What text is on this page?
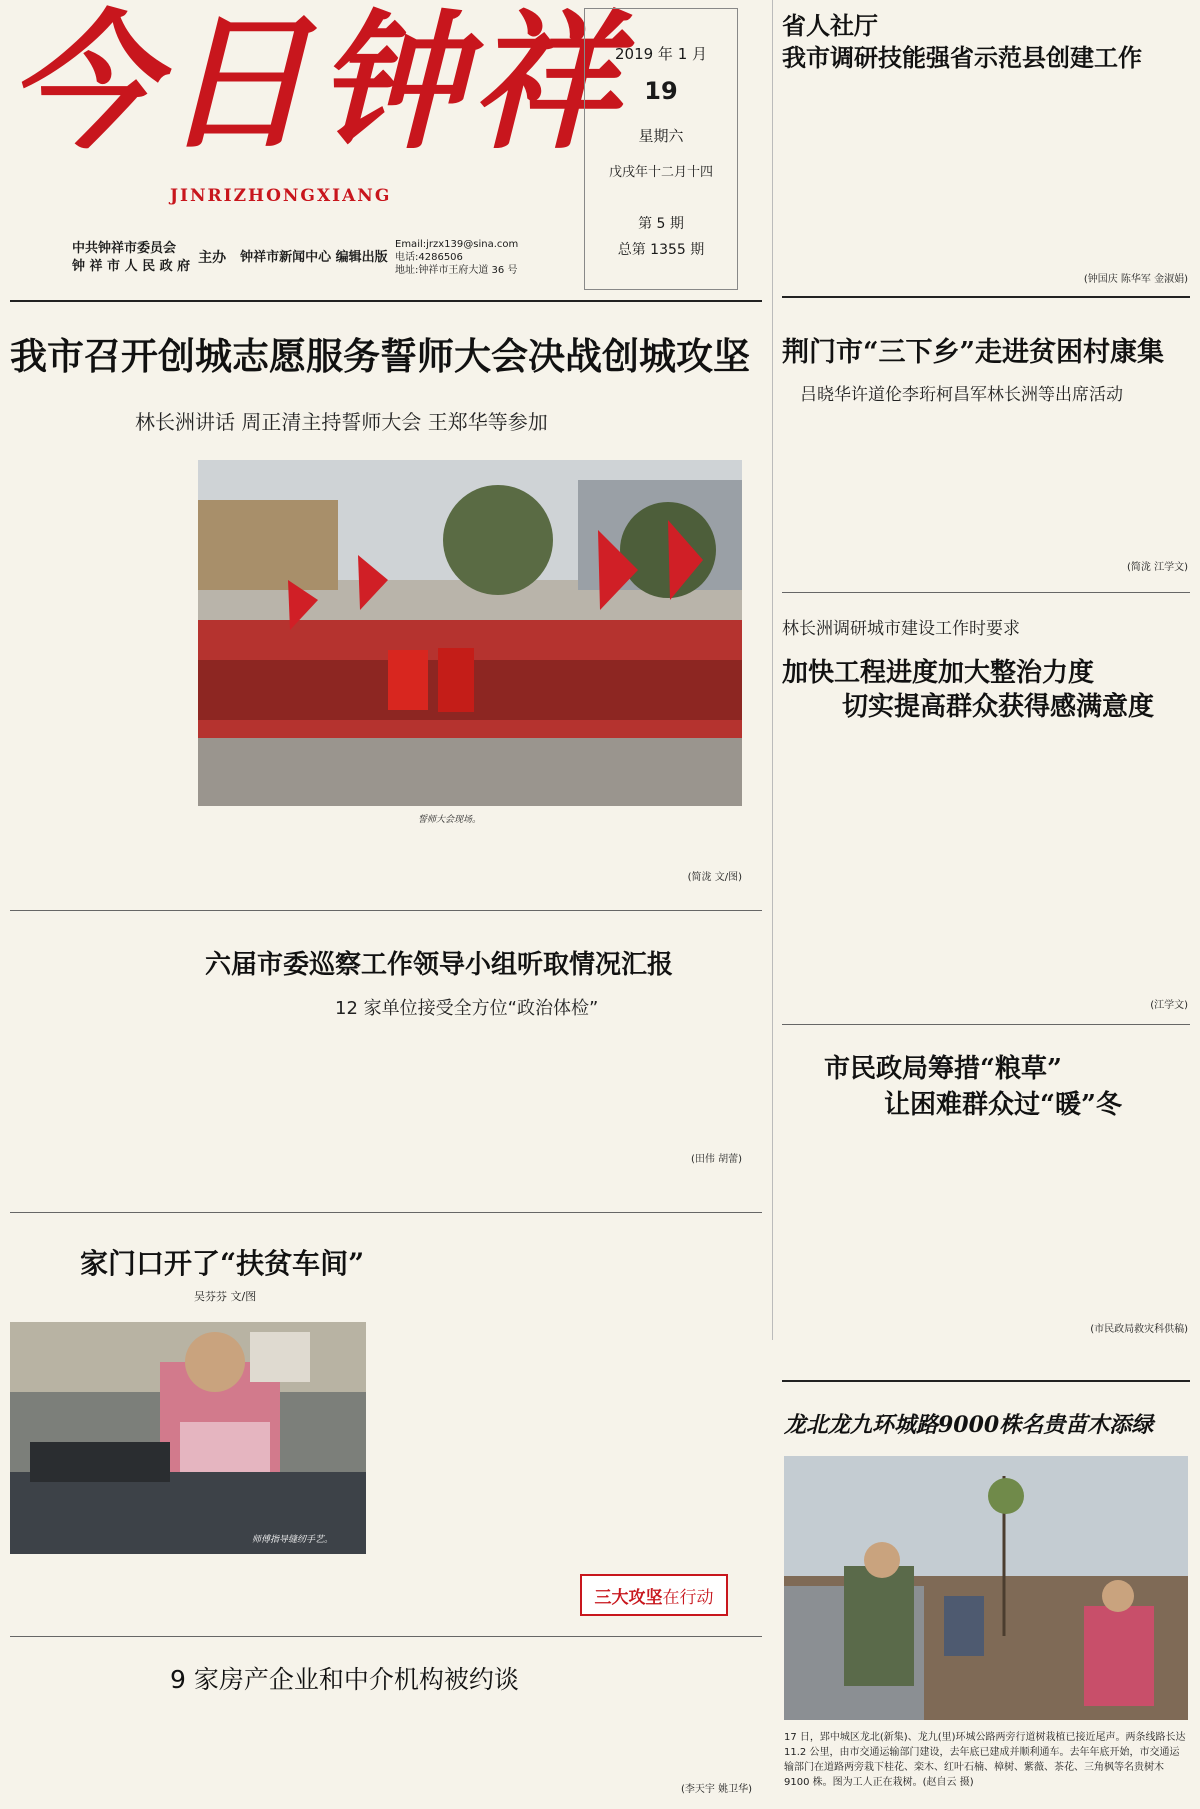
今日钟祥
JINRIZHONGXIANG
中共钟祥市委员会
钟 祥 市 人 民 政 府
主办 钟祥市新闻中心 编辑出版
Email:jrzx139@sina.com
电话:4286506
地址:钟祥市王府大道 36 号
2019 年 1 月
19
星期六
戊戌年十二月十四
第 5 期
总第 1355 期
省人社厅
我市调研技能强省示范县创建工作
(钟国庆 陈华军 金淑娟)
我市召开创城志愿服务誓师大会决战创城攻坚
林长洲讲话 周正清主持誓师大会 王郑华等参加
誓师大会现场。
(简泷 文/图)
荆门市“三下乡”走进贫困村康集
吕晓华许道伦李珩柯昌军林长洲等出席活动
(简泷 江学文)
林长洲调研城市建设工作时要求
加快工程进度加大整治力度
切实提高群众获得感满意度
(江学文)
六届市委巡察工作领导小组听取情况汇报
12 家单位接受全方位“政治体检”
(田伟 胡蕾)
市民政局筹措“粮草”
让困难群众过“暖”冬
(市民政局救灾科供稿)
家门口开了“扶贫车间”
吴芬芬 文/图
师傅指导缝纫手艺。
三大攻坚 在行动
龙北龙九环城路9000株名贵苗木添绿
17 日，郢中城区龙北(新集)、龙九(里)环城公路两旁行道树栽植已接近尾声。两条线路长达 11.2 公里，由市交通运输部门建设，去年底已建成并顺利通车。去年年底开始，市交通运输部门在道路两旁栽下桂花、栾木、红叶石楠、樟树、紫薇、茶花、三角枫等名贵树木 9100 株。图为工人正在栽树。(赵自云 摄)
9 家房产企业和中介机构被约谈
(李天宇 姚卫华)
